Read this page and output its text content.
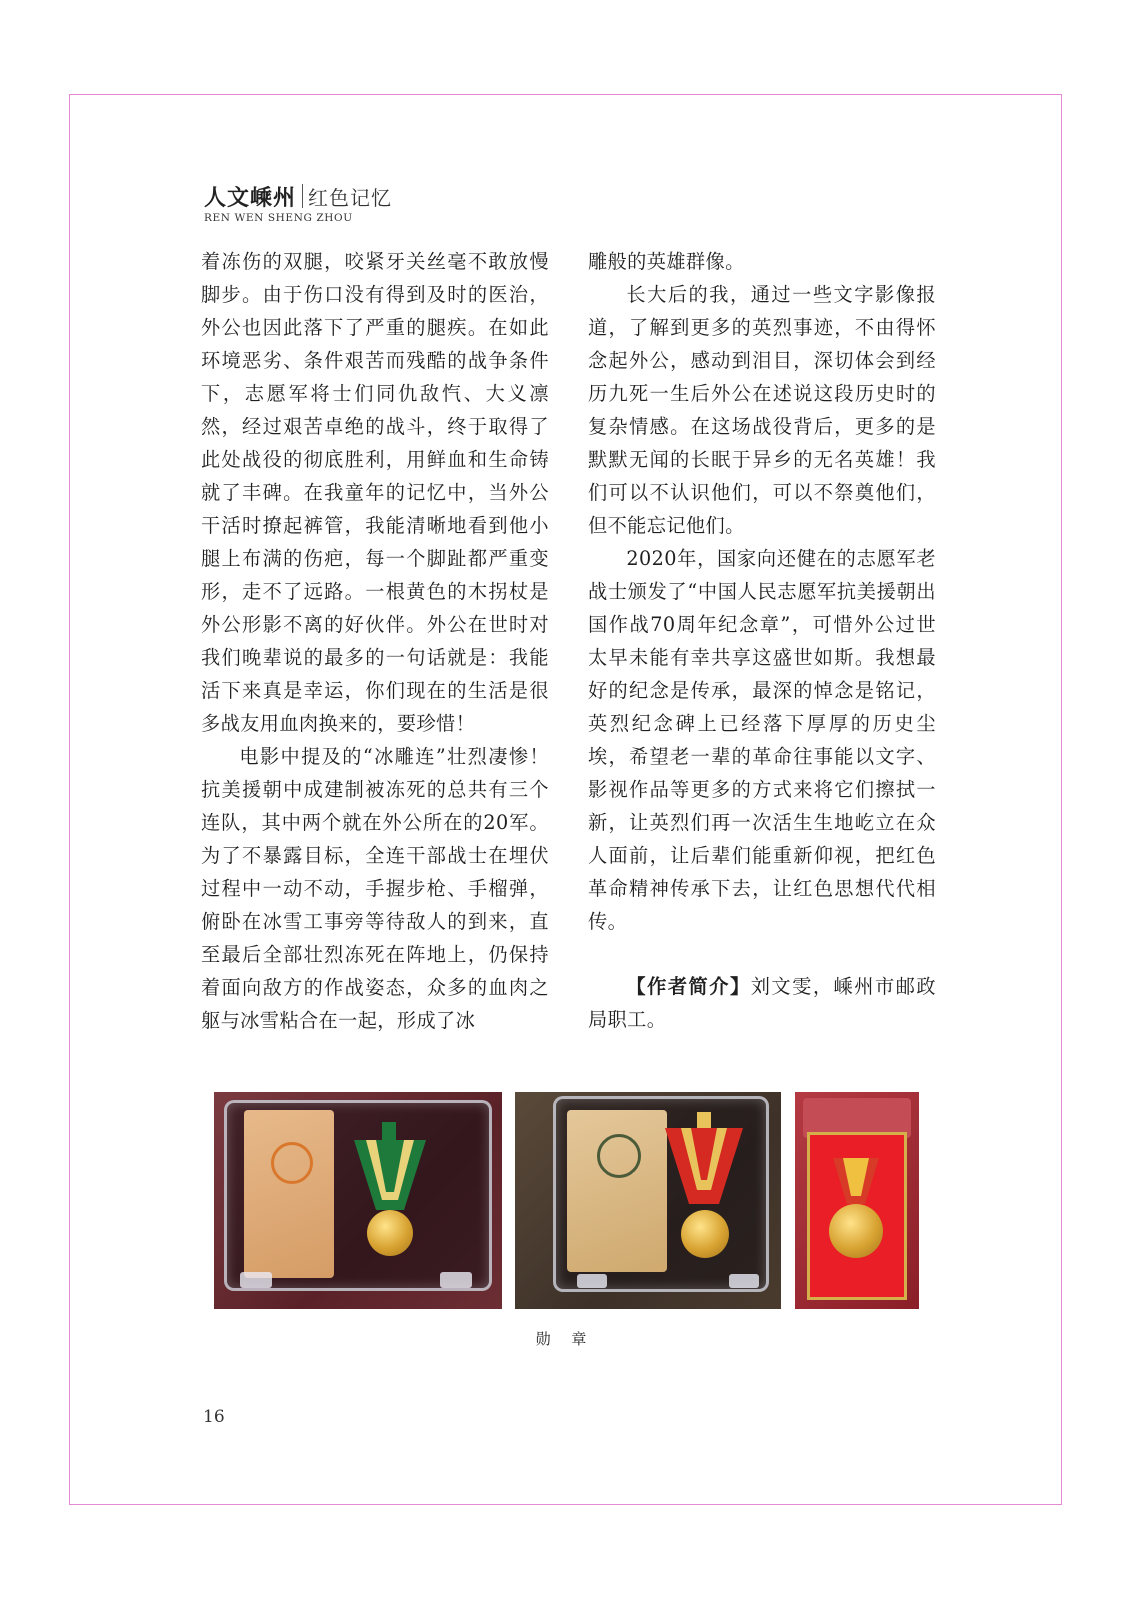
人文嵊州 红色记忆
REN WEN SHENG ZHOU

着冻伤的双腿，咬紧牙关丝毫不敢放慢脚步。由于伤口没有得到及时的医治，外公也因此落下了严重的腿疾。在如此环境恶劣、条件艰苦而残酷的战争条件下，志愿军将士们同仇敌忾、大义凛然，经过艰苦卓绝的战斗，终于取得了此处战役的彻底胜利，用鲜血和生命铸就了丰碑。在我童年的记忆中，当外公干活时撩起裤管，我能清晰地看到他小腿上布满的伤疤，每一个脚趾都严重变形，走不了远路。一根黄色的木拐杖是外公形影不离的好伙伴。外公在世时对我们晚辈说的最多的一句话就是：我能活下来真是幸运，你们现在的生活是很多战友用血肉换来的，要珍惜！

电影中提及的“冰雕连”壮烈凄惨！抗美援朝中成建制被冻死的总共有三个连队，其中两个就在外公所在的20军。为了不暴露目标，全连干部战士在埋伏过程中一动不动，手握步枪、手榴弹，俯卧在冰雪工事旁等待敌人的到来，直至最后全部壮烈冻死在阵地上，仍保持着面向敌方的作战姿态，众多的血肉之躯与冰雪粘合在一起，形成了冰

雕般的英雄群像。

长大后的我，通过一些文字影像报道，了解到更多的英烈事迹，不由得怀念起外公，感动到泪目，深切体会到经历九死一生后外公在述说这段历史时的复杂情感。在这场战役背后，更多的是默默无闻的长眠于异乡的无名英雄！我们可以不认识他们，可以不祭奠他们，但不能忘记他们。

2020年，国家向还健在的志愿军老战士颁发了“中国人民志愿军抗美援朝出国作战70周年纪念章”，可惜外公过世太早未能有幸共享这盛世如斯。我想最好的纪念是传承，最深的悼念是铭记，英烈纪念碑上已经落下厚厚的历史尘埃，希望老一辈的革命往事能以文字、影视作品等更多的方式来将它们擦拭一新，让英烈们再一次活生生地屹立在众人面前，让后辈们能重新仰视，把红色革命精神传承下去，让红色思想代代相传。

【作者简介】刘文雯，嵊州市邮政局职工。

勋 章
16
